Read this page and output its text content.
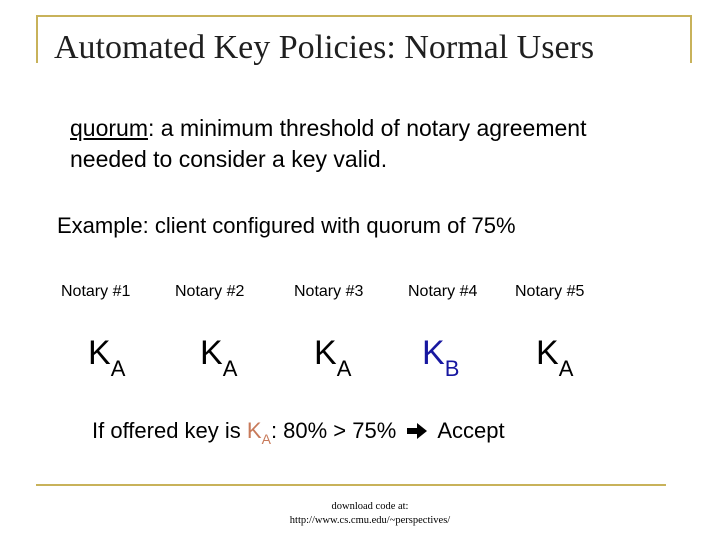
Automated Key Policies: Normal Users
quorum: a minimum threshold of notary agreement needed to consider a key valid.
Example: client configured with quorum of 75%
Notary #1	Notary #2	Notary #3	Notary #4 Notary #5
$K_A$ $K_A$ $K_A$ $K_B$ $K_A$
If offered key is $K_A$: 80% > 75%  Accept
download code at:
http://www.cs.cmu.edu/~perspectives/
